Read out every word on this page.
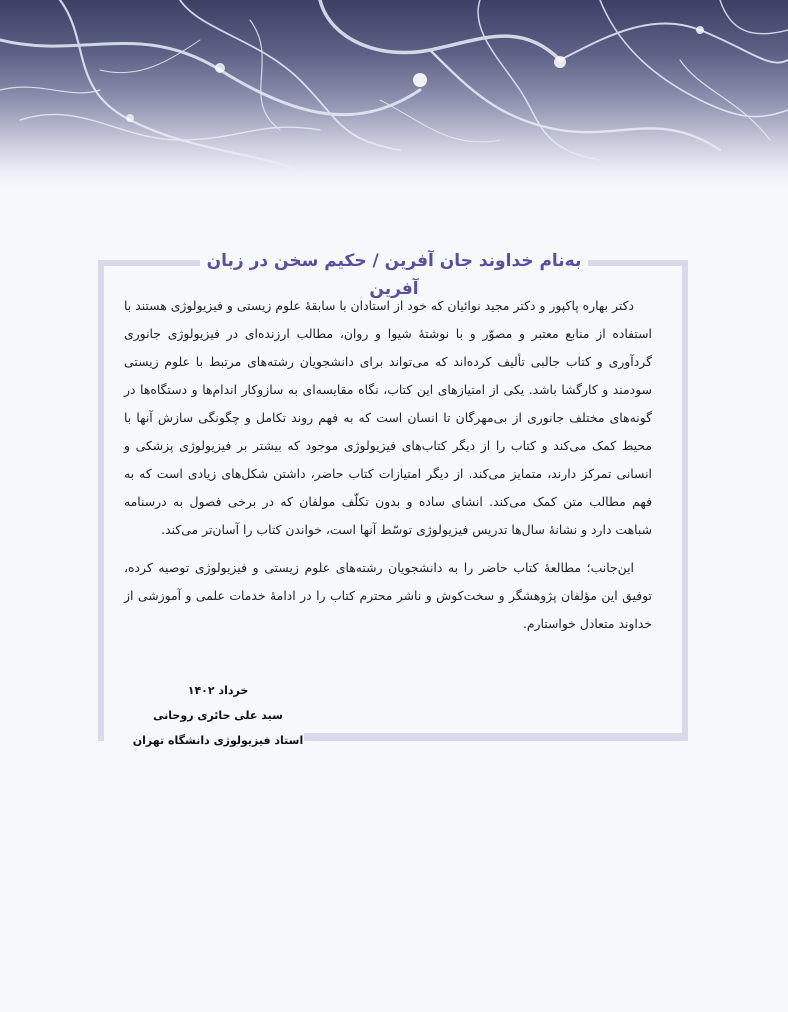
به‌نام خداوند جان آفرین / حکیم سخن در زبان آفرین

دکتر بهاره پاکپور و دکتر مجید نوائیان که خود از استادان با سابقهٔ علوم زیستی و فیزیولوژی هستند با استفاده از منابع معتبر و مصوّر و با نوشتهٔ شیوا و روان، مطالب ارزنده‌ای در فیزیولوژی جانوری گردآوری و کتاب جالبی تألیف کرده‌اند که می‌تواند برای دانشجویان رشته‌های مرتبط با علوم زیستی سودمند و کارگشا باشد. یکی از امتیازهای این کتاب، نگاه مقایسه‌ای به سازوکار اندام‌ها و دستگاه‌ها در گونه‌های مختلف جانوری از بی‌مهرگان تا انسان است که به فهم روند تکامل و چگونگی سازش آنها با محیط کمک می‌کند و کتاب را از دیگر کتاب‌های فیزیولوژی موجود که بیشتر بر فیزیولوژی پزشکی و انسانی تمرکز دارند، متمایز می‌کند. از دیگر امتیازات کتاب حاضر، داشتن شکل‌های زیادی است که به فهم مطالب متن کمک می‌کند. انشای ساده و بدون تکلّف مولفان که در برخی فصول به درسنامه شباهت دارد و نشانهٔ سال‌ها تدریس فیزیولوژی توسّط آنها است، خواندن کتاب را آسان‌تر می‌کند.

این‌جانب؛ مطالعهٔ کتاب حاضر را به دانشجویان رشته‌های علوم زیستی و فیزیولوژی توصیه کرده، توفیق این مؤلفان پژوهشگر و سخت‌کوش و ناشر محترم کتاب را در ادامهٔ خدمات علمی و آموزشی از خداوند متعادل خواستارم.

خرداد ۱۴۰۲
سید علی حائری روحانی
استاد فیزیولوژی دانشگاه تهران
